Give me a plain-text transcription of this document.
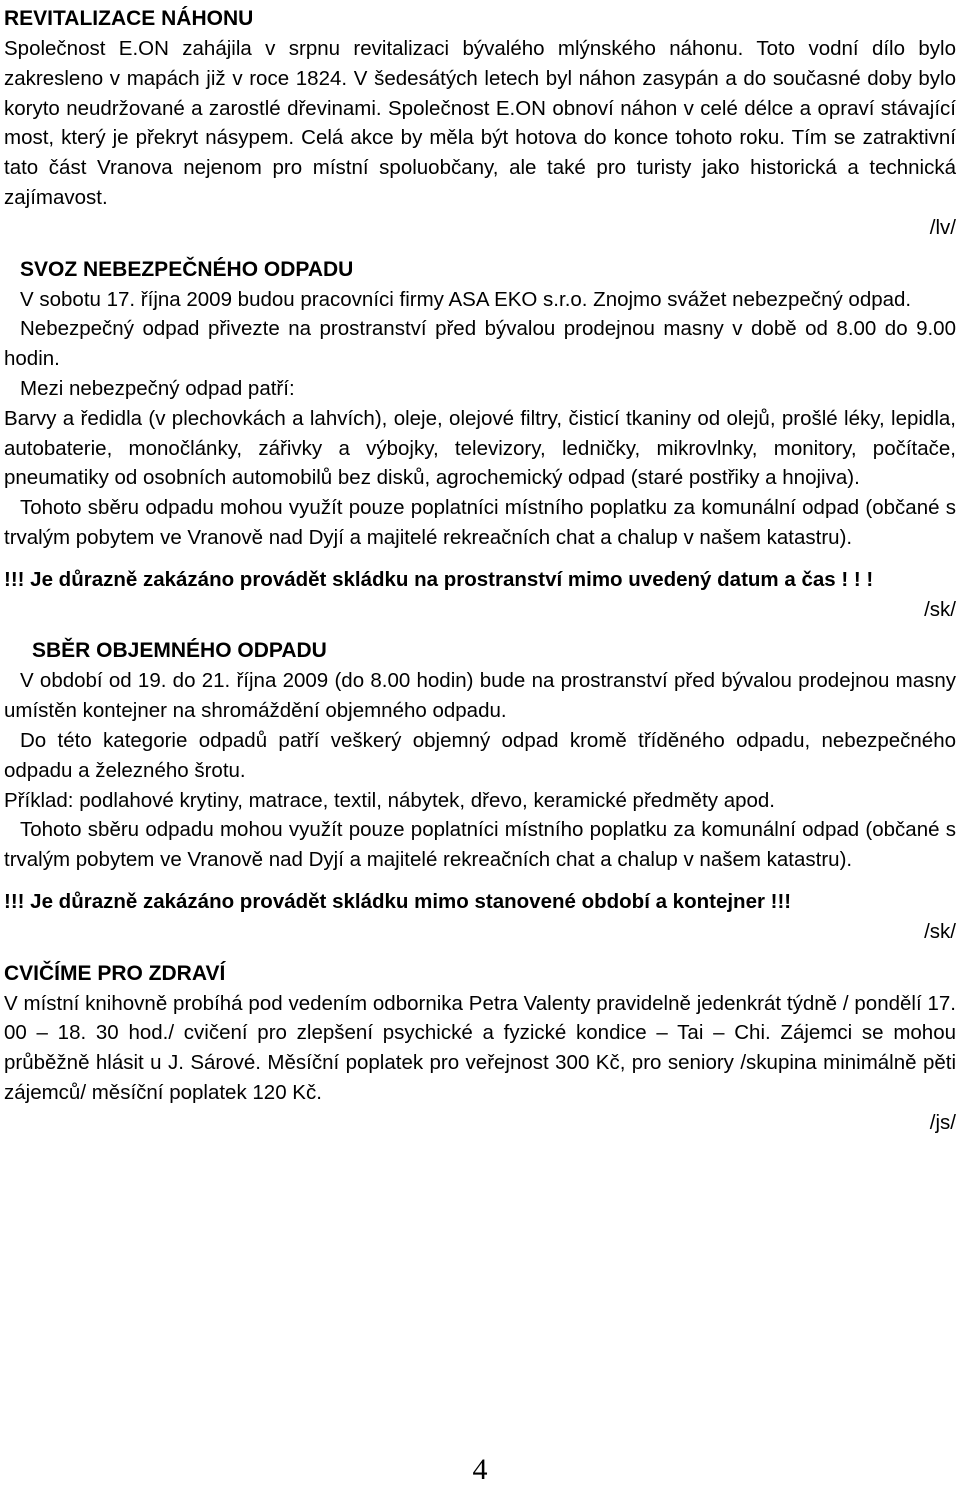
REVITALIZACE NÁHONU

Společnost E.ON zahájila v srpnu revitalizaci bývalého mlýnského náhonu. Toto vodní dílo bylo zakresleno v mapách již v roce 1824. V šedesátých letech byl náhon zasypán a do současné doby bylo koryto neudržované a zarostlé dřevinami. Společnost E.ON obnoví náhon v celé délce a opraví stávající most, který je překryt násypem. Celá akce by měla být hotova do konce tohoto roku. Tím se zatraktivní tato část Vranova nejenom pro místní spoluobčany, ale také pro turisty jako historická a technická zajímavost.

/lv/

SVOZ NEBEZPEČNÉHO ODPADU

V sobotu 17. října 2009 budou pracovníci firmy ASA EKO s.r.o. Znojmo svážet nebezpečný odpad.

Nebezpečný odpad přivezte na prostranství před bývalou prodejnou masny v době od 8.00 do 9.00 hodin.

Mezi nebezpečný odpad patří:

Barvy a ředidla (v plechovkách a lahvích), oleje, olejové filtry, čisticí tkaniny od olejů, prošlé léky, lepidla, autobaterie, monočlánky, zářivky a výbojky, televizory, ledničky, mikrovlnky, monitory, počítače, pneumatiky od osobních automobilů bez disků, agrochemický odpad (staré postřiky a hnojiva).

Tohoto sběru odpadu mohou využít pouze poplatníci místního poplatku za komunální odpad (občané s trvalým pobytem ve Vranově nad Dyjí a majitelé rekreačních chat a chalup v našem katastru).

!!! Je důrazně zakázáno provádět skládku na prostranství mimo uvedený datum a čas ! ! !

/sk/

SBĚR OBJEMNÉHO ODPADU

V období od 19. do 21. října 2009 (do 8.00 hodin) bude na prostranství před bývalou prodejnou masny umístěn kontejner na shromáždění objemného odpadu.

Do této kategorie odpadů patří veškerý objemný odpad kromě tříděného odpadu, nebezpečného odpadu a železného šrotu.

Příklad: podlahové krytiny, matrace, textil, nábytek, dřevo, keramické předměty apod.

Tohoto sběru odpadu mohou využít pouze poplatníci místního poplatku za komunální odpad (občané s trvalým pobytem ve Vranově nad Dyjí a majitelé rekreačních chat a chalup v našem katastru).

!!! Je důrazně zakázáno provádět skládku mimo stanovené období a kontejner !!!

/sk/

CVIČÍME PRO ZDRAVÍ

V místní knihovně probíhá pod vedením odbornika Petra Valenty pravidelně jedenkrát týdně / pondělí 17. 00 – 18. 30 hod./ cvičení pro zlepšení psychické a fyzické kondice – Tai – Chi. Zájemci se mohou průběžně hlásit u J. Sárové. Měsíční poplatek pro veřejnost 300 Kč, pro seniory /skupina minimálně pěti zájemců/ měsíční poplatek 120 Kč.

/js/

4
